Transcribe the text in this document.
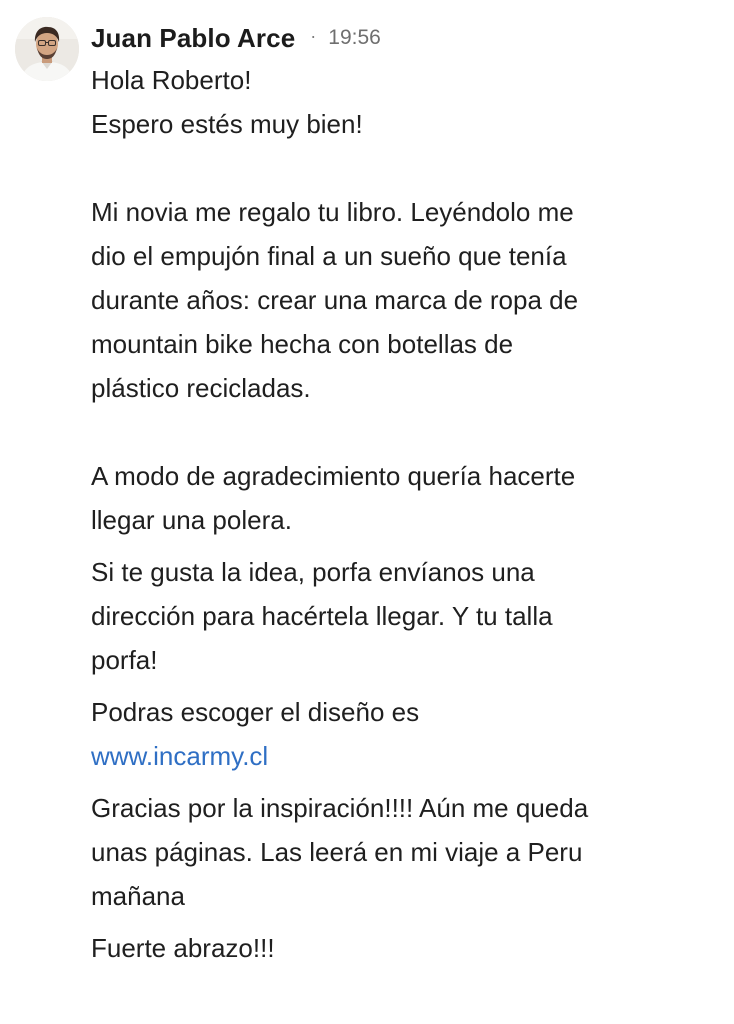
Juan Pablo Arce · 19:56
Hola Roberto!
Espero estés muy bien!
Mi novia me regalo tu libro. Leyéndolo me
dio el empujón final a un sueño que tenía
durante años: crear una marca de ropa de
mountain bike hecha con botellas de
plástico recicladas.
A modo de agradecimiento quería hacerte
llegar una polera.
Si te gusta la idea, porfa envíanos una
dirección para hacértela llegar. Y tu talla
porfa!
Podras escoger el diseño es
www.incarmy.cl
Gracias por la inspiración!!!! Aún me queda
unas páginas. Las leerá en mi viaje a Peru
mañana
Fuerte abrazo!!!
